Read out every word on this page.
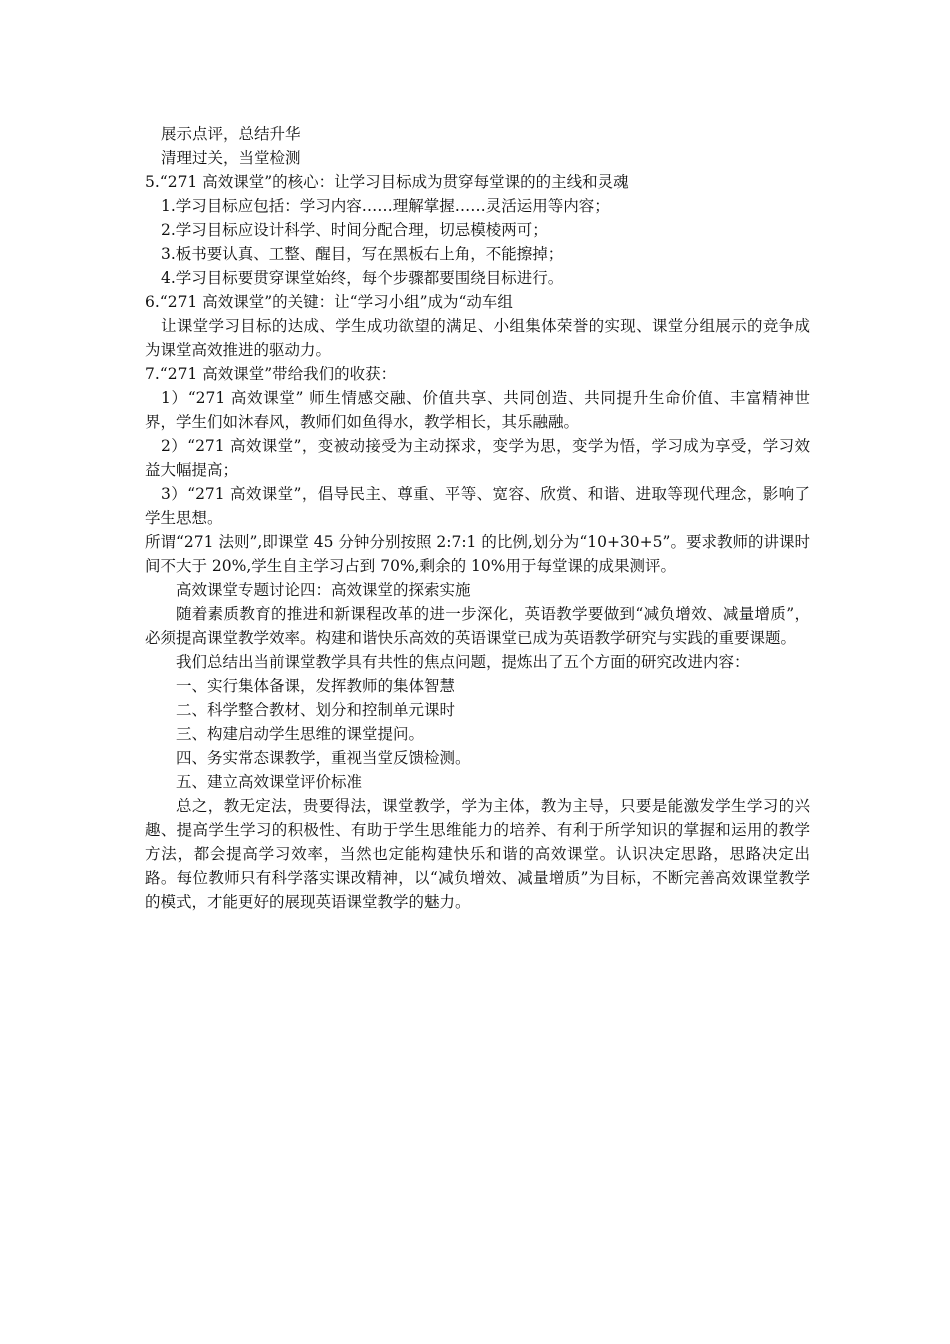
展示点评，总结升华
清理过关，当堂检测
5.“271 高效课堂”的核心：让学习目标成为贯穿每堂课的的主线和灵魂
1.学习目标应包括：学习内容……理解掌握……灵活运用等内容；
2.学习目标应设计科学、时间分配合理，切忌模棱两可；
3.板书要认真、工整、醒目，写在黑板右上角，不能擦掉；
4.学习目标要贯穿课堂始终，每个步骤都要围绕目标进行。
6.“271 高效课堂”的关键：让“学习小组”成为“动车组
让课堂学习目标的达成、学生成功欲望的满足、小组集体荣誉的实现、课堂分组展示的竞争成为课堂高效推进的驱动力。
7.“271 高效课堂”带给我们的收获：
1）“271 高效课堂” 师生情感交融、价值共享、共同创造、共同提升生命价值、丰富精神世界，学生们如沐春风，教师们如鱼得水，教学相长，其乐融融。
2）“271 高效课堂”，变被动接受为主动探求，变学为思，变学为悟，学习成为享受，学习效益大幅提高；
3）“271 高效课堂”，倡导民主、尊重、平等、宽容、欣赏、和谐、进取等现代理念，影响了学生思想。
所谓“271 法则”,即课堂 45 分钟分别按照 2:7:1 的比例,划分为“10+30+5”。要求教师的讲课时间不大于 20%,学生自主学习占到 70%,剩余的 10%用于每堂课的成果测评。
高效课堂专题讨论四：高效课堂的探索实施
随着素质教育的推进和新课程改革的进一步深化，英语教学要做到“减负增效、减量增质”，必须提高课堂教学效率。构建和谐快乐高效的英语课堂已成为英语教学研究与实践的重要课题。
我们总结出当前课堂教学具有共性的焦点问题，提炼出了五个方面的研究改进内容：
一、实行集体备课，发挥教师的集体智慧
二、科学整合教材、划分和控制单元课时
三、构建启动学生思维的课堂提问。
四、务实常态课教学，重视当堂反馈检测。
五、建立高效课堂评价标准
总之，教无定法，贵要得法，课堂教学，学为主体，教为主导，只要是能激发学生学习的兴趣、提高学生学习的积极性、有助于学生思维能力的培养、有利于所学知识的掌握和运用的教学方法，都会提高学习效率，当然也定能构建快乐和谐的高效课堂。认识决定思路，思路决定出路。每位教师只有科学落实课改精神，以“减负增效、减量增质”为目标，不断完善高效课堂教学的模式，才能更好的展现英语课堂教学的魅力。
